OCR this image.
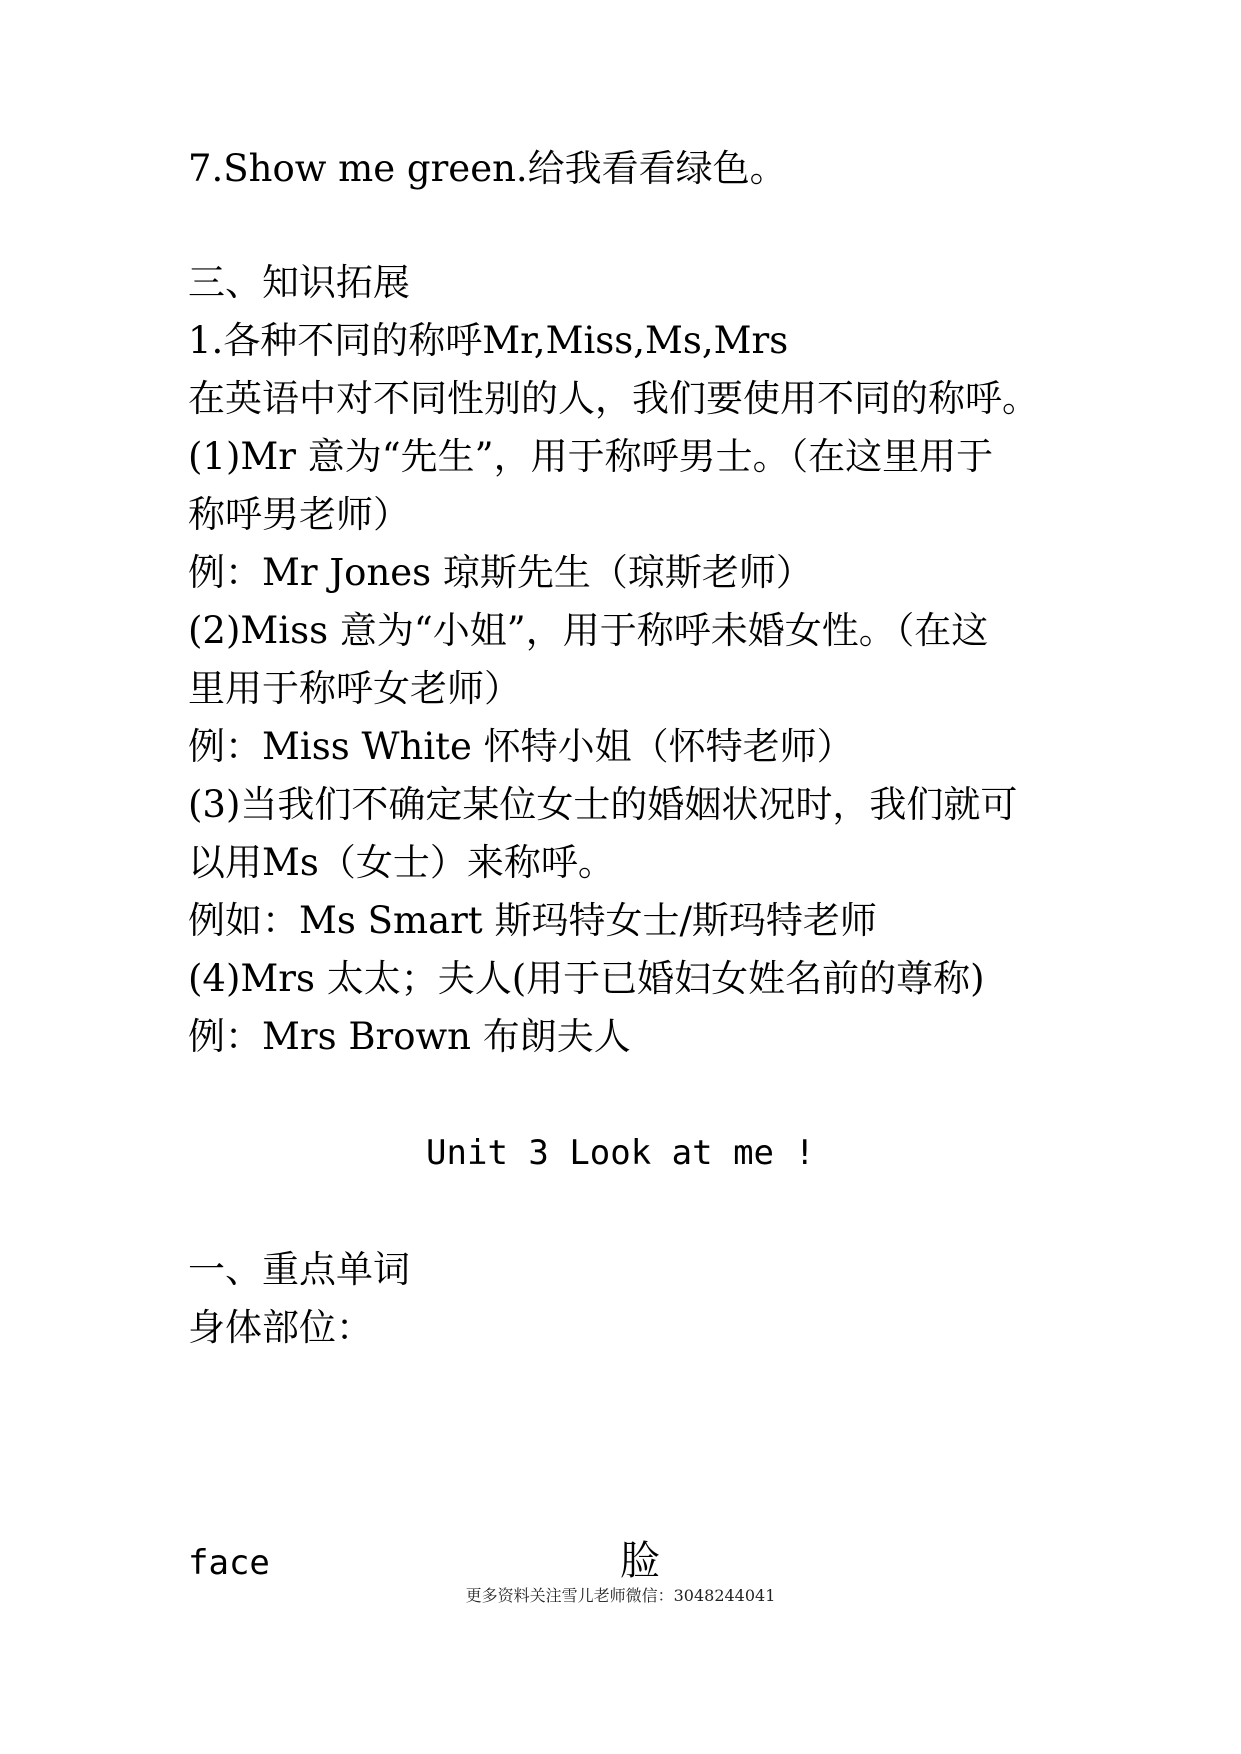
7.Show me green.给我看看绿色。
三、知识拓展
1.各种不同的称呼Mr,Miss,Ms,Mrs
在英语中对不同性别的人，我们要使用不同的称呼。
(1)Mr 意为“先生”，用于称呼男士。（在这里用于
称呼男老师）
例：Mr Jones 琼斯先生（琼斯老师）
(2)Miss 意为“小姐”，用于称呼未婚女性。（在这
里用于称呼女老师）
例：Miss White 怀特小姐（怀特老师）
(3)当我们不确定某位女士的婚姻状况时，我们就可
以用Ms（女士）来称呼。
例如：Ms Smart 斯玛特女士/斯玛特老师
(4)Mrs 太太；夫人(用于已婚妇女姓名前的尊称)
例：Mrs Brown 布朗夫人
Unit 3 Look at me !
一、重点单词
身体部位：
face	脸
更多资料关注雪儿老师微信：3048244041
